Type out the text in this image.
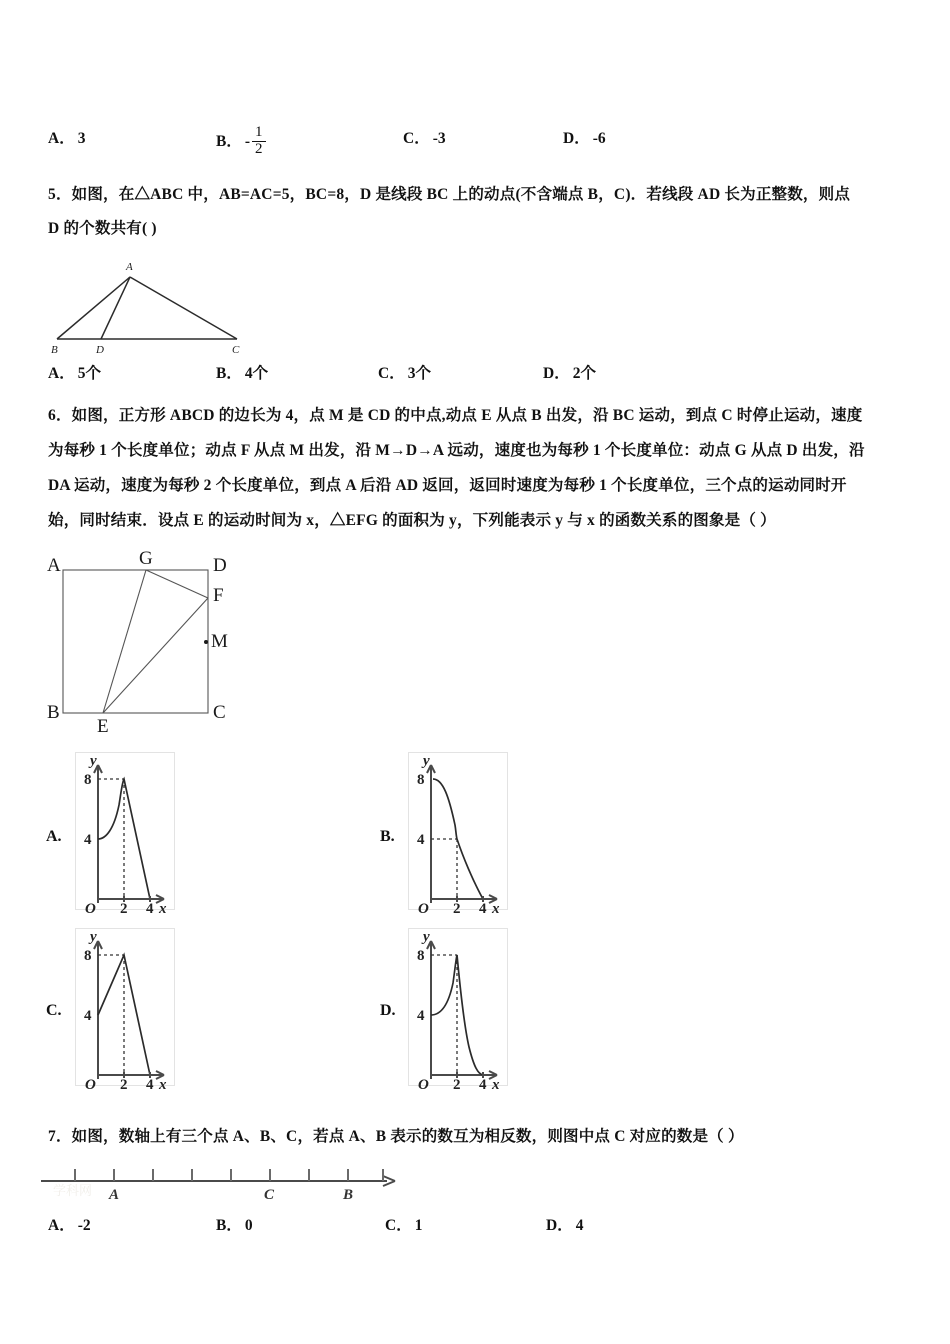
A． 3	B． - $\frac{1}{2}$	C． -3	D． -6
5．如图，在△ABC 中，AB=AC=5，BC=8，D 是线段 BC 上的动点(不含端点 B，C)．若线段 AD 长为正整数，则点
D 的个数共有( )
A
B	D	C
A． 5个	B． 4个	C． 3个	D． 2个
6．如图，正方形 ABCD 的边长为 4，点 M 是 CD 的中点,动点 E 从点 B 出发，沿 BC 运动，到点 C 时停止运动，速度
为每秒 1 个长度单位；动点 F 从点 M 出发，沿 M→D→A 远动，速度也为每秒 1 个长度单位：动点 G 从点 D 出发，沿
DA 运动，速度为每秒 2 个长度单位，到点 A 后沿 AD 返回，返回时速度为每秒 1 个长度单位，三个点的运动同时开
始，同时结束．设点 E 的运动时间为 x，△EFG 的面积为 y，下列能表示 y 与 x 的函数关系的图象是（ ）
A	G	D
F
M
B	C
E
A.
y
x
O
8
4
2 4
B.
y
x
O
8
4
2 4
C.
y
x
O
8
4
2 4
D.
y
x
O
8
4
2 4
7．如图，数轴上有三个点 A、B、C，若点 A、B 表示的数互为相反数，则图中点 C 对应的数是（ ）
学科网 A	C	B
A． -2	B． 0	C． 1	D． 4
